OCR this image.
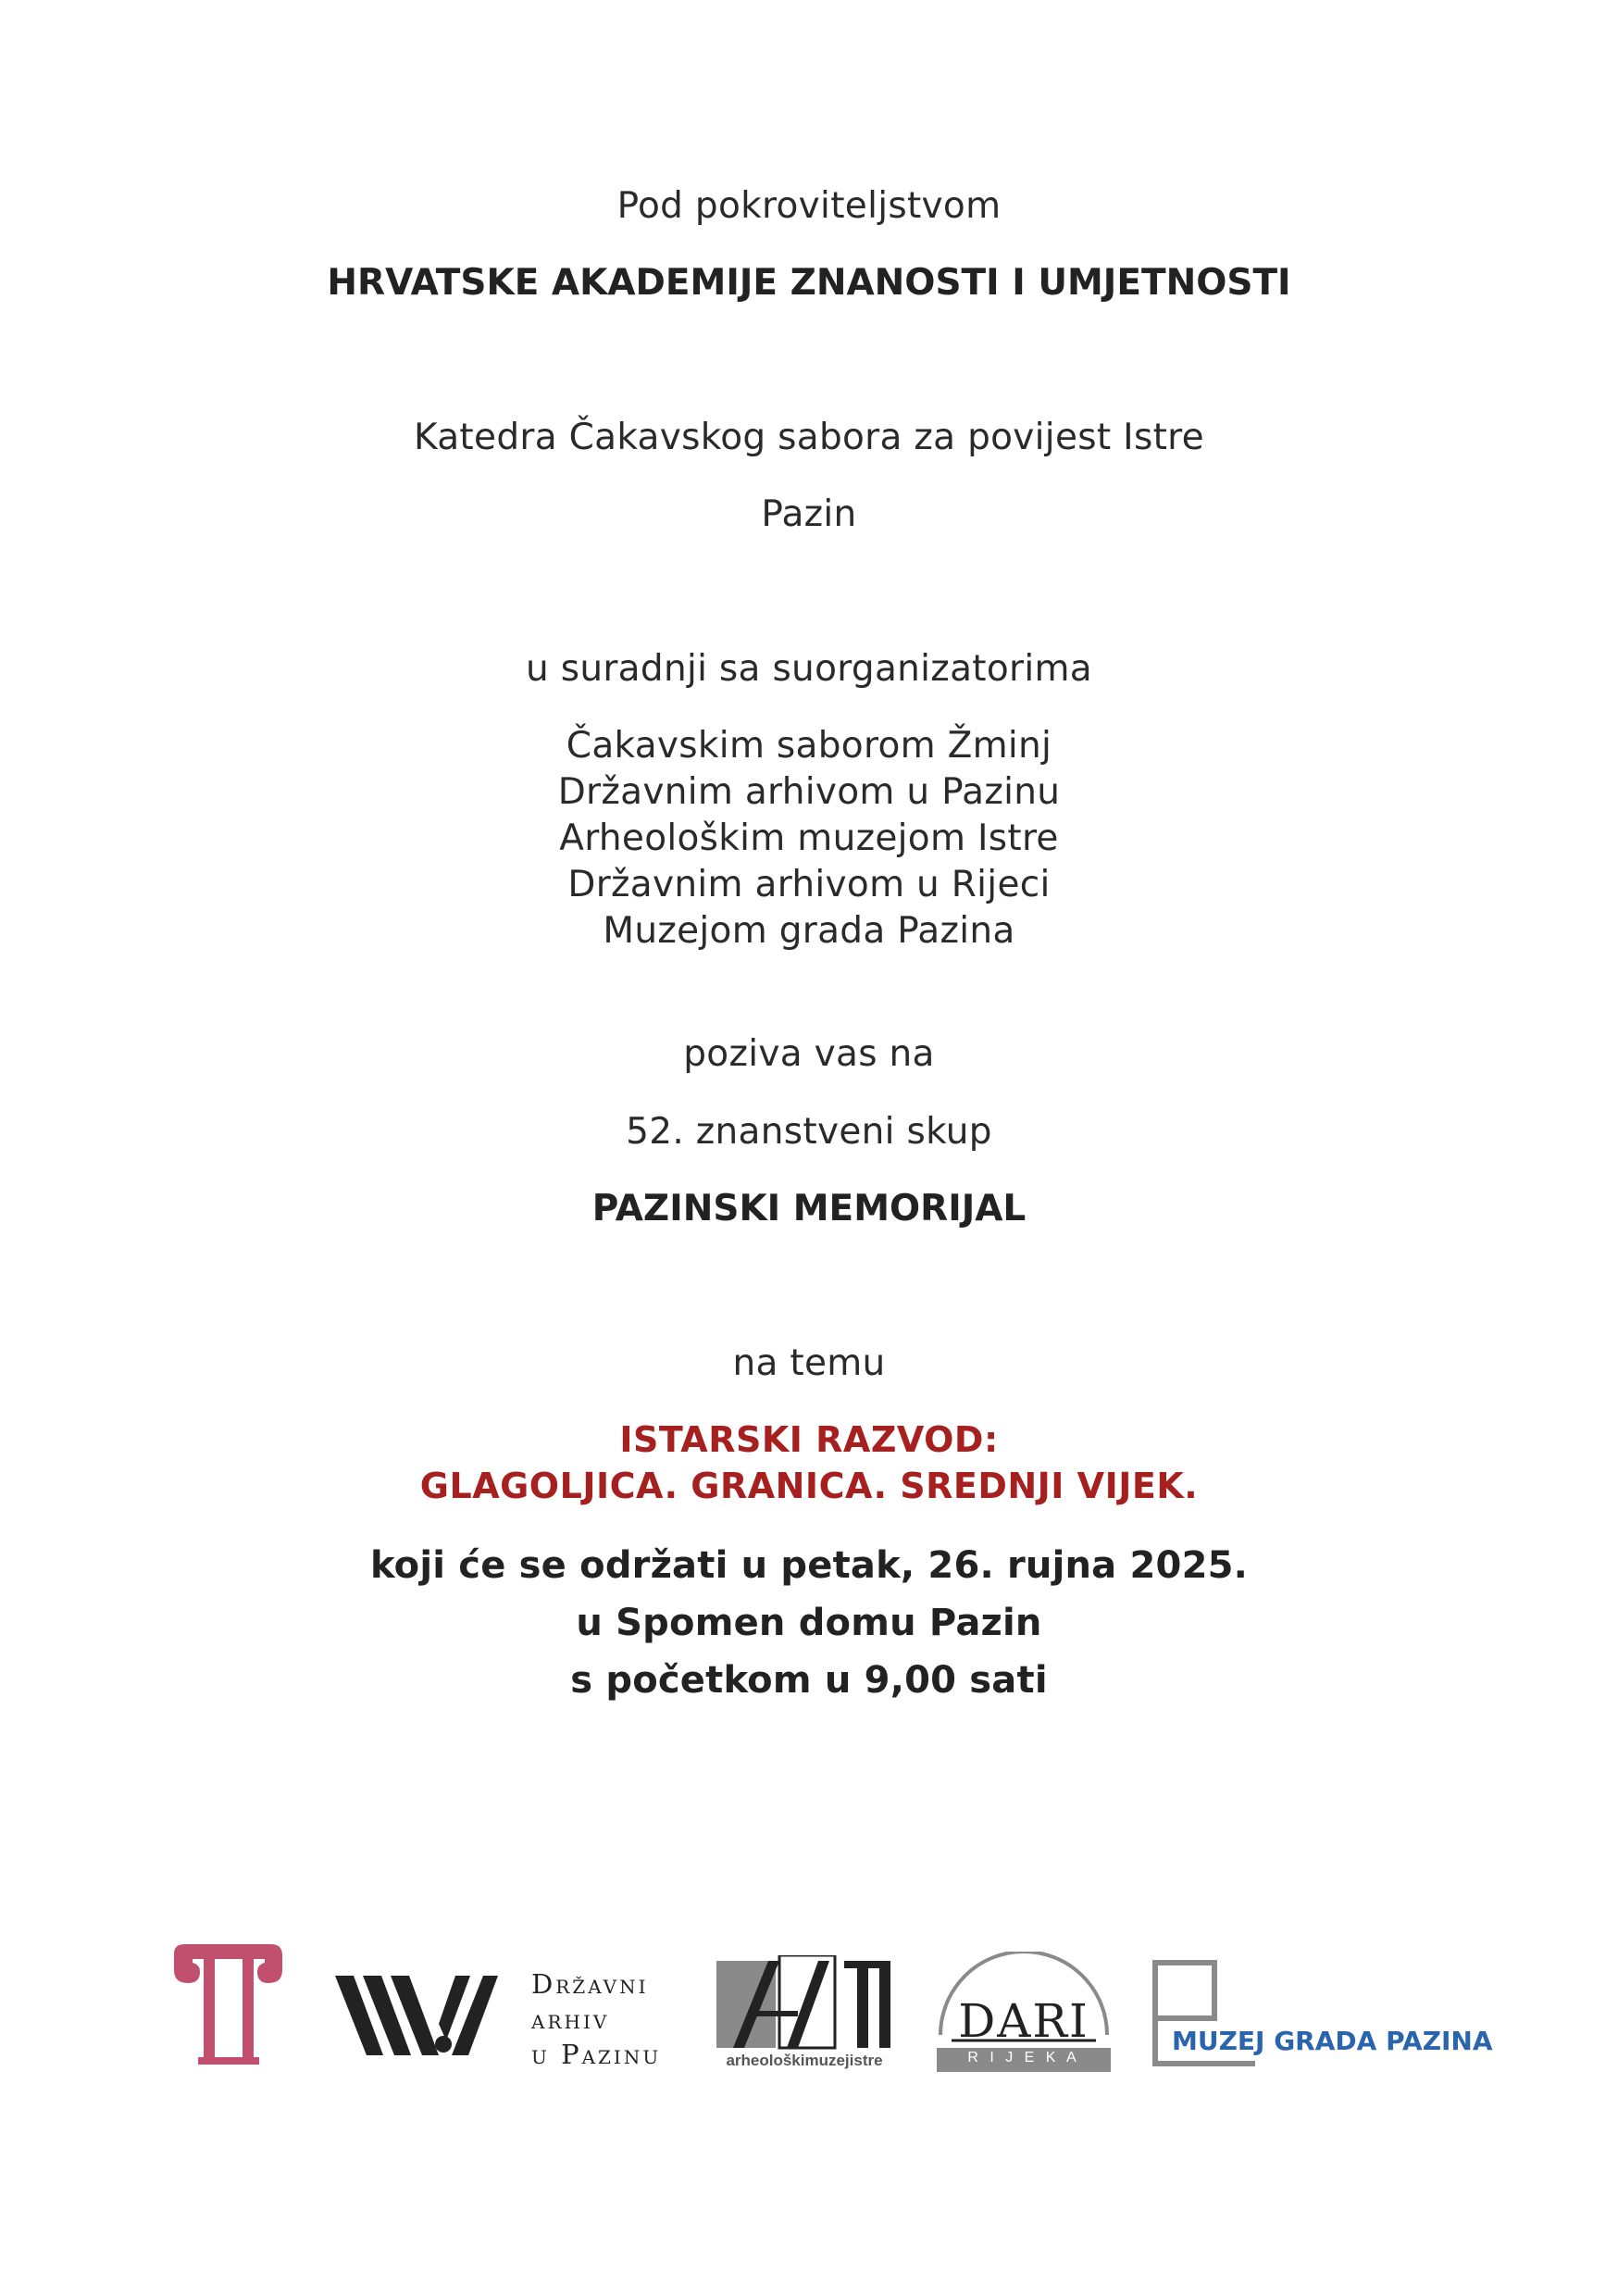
Pod pokroviteljstvom
HRVATSKE AKADEMIJE ZNANOSTI I UMJETNOSTI
Katedra Čakavskog sabora za povijest Istre
Pazin
u suradnji sa suorganizatorima
Čakavskim saborom Žminj
Državnim arhivom u Pazinu
Arheološkim muzejom Istre
Državnim arhivom u Rijeci
Muzejom grada Pazina
poziva vas na
52. znanstveni skup
PAZINSKI MEMORIJAL
na temu
ISTARSKI RAZVOD:
GLAGOLJICA. GRANICA. SREDNJI VIJEK.
koji će se održati u petak, 26. rujna 2025.
u Spomen domu Pazin
s početkom u 9,00 sati
Državni
arhiv
u Pazinu	arheološkimuzejistre
DARI
R I J E K A
MUZEJ GRADA PAZINA
